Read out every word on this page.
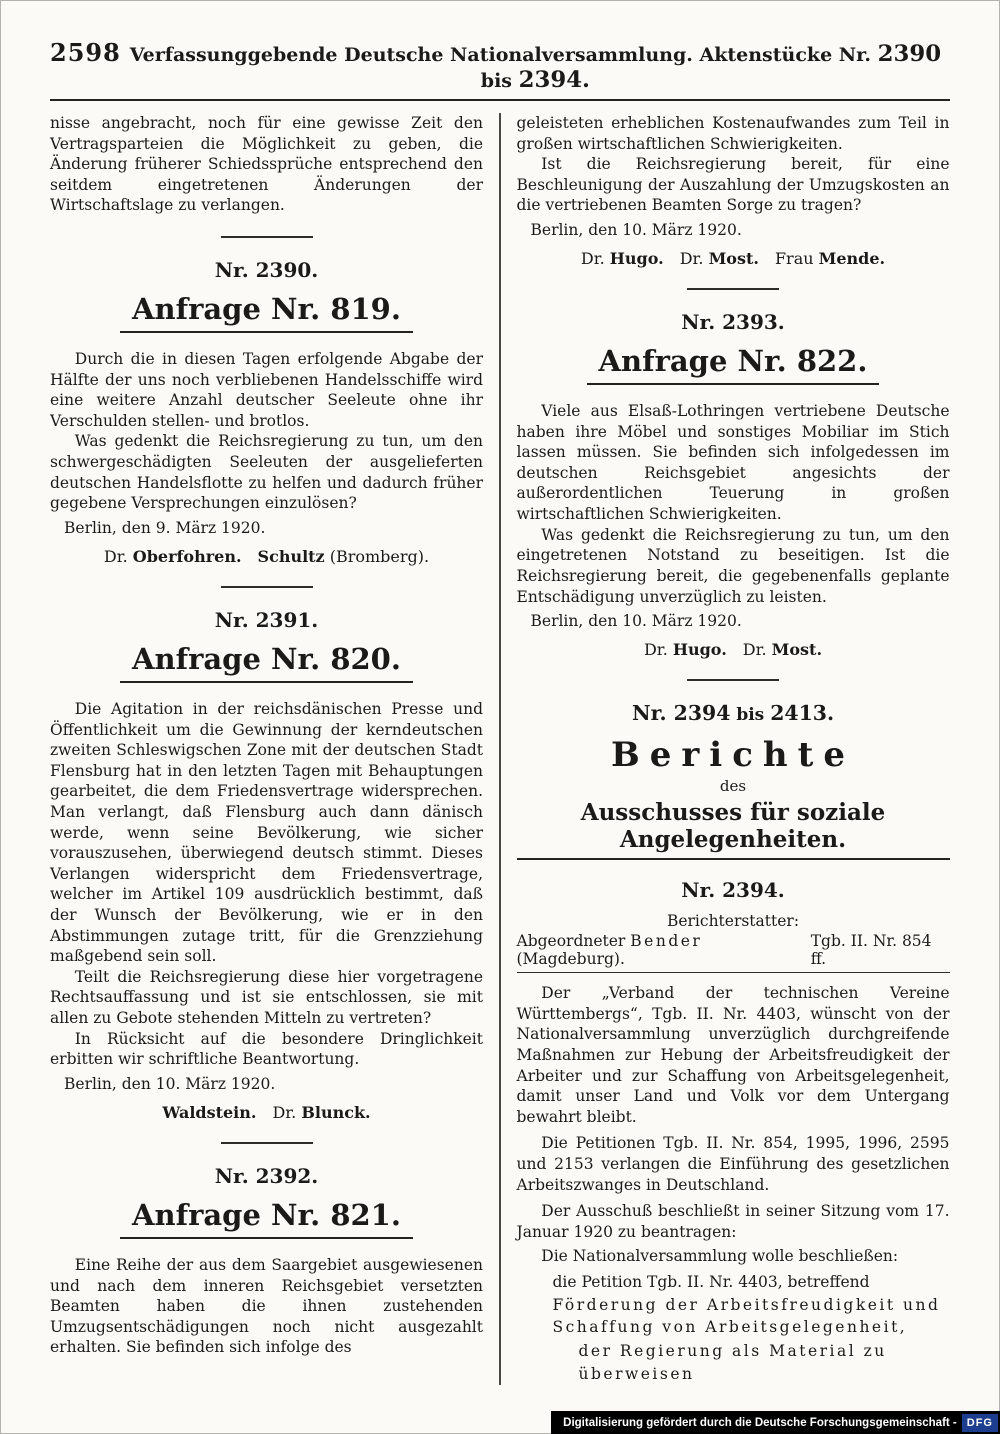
2598 Verfassunggebende Deutsche Nationalversammlung. Aktenstücke Nr. 2390 bis 2394.

nisse angebracht, noch für eine gewisse Zeit den Vertragsparteien die Möglichkeit zu geben, die Änderung früherer Schiedssprüche entsprechend den seitdem eingetretenen Änderungen der Wirtschaftslage zu verlangen.

Nr. 2390.
Anfrage Nr. 819.

Durch die in diesen Tagen erfolgende Abgabe der Hälfte der uns noch verbliebenen Handelsschiffe wird eine weitere Anzahl deutscher Seeleute ohne ihr Verschulden stellen- und brotlos.

Was gedenkt die Reichsregierung zu tun, um den schwergeschädigten Seeleuten der ausgelieferten deutschen Handelsflotte zu helfen und dadurch früher gegebene Versprechungen einzulösen?

Berlin, den 9. März 1920.

Dr. Oberfohren.  Schultz (Bromberg).

Nr. 2391.
Anfrage Nr. 820.

Die Agitation in der reichsdänischen Presse und Öffentlichkeit um die Gewinnung der kerndeutschen zweiten Schleswigschen Zone mit der deutschen Stadt Flensburg hat in den letzten Tagen mit Behauptungen gearbeitet, die dem Friedensvertrage widersprechen. Man verlangt, daß Flensburg auch dann dänisch werde, wenn seine Bevölkerung, wie sicher vorauszusehen, überwiegend deutsch stimmt. Dieses Verlangen widerspricht dem Friedensvertrage, welcher im Artikel 109 ausdrücklich bestimmt, daß der Wunsch der Bevölkerung, wie er in den Abstimmungen zutage tritt, für die Grenzziehung maßgebend sein soll.

Teilt die Reichsregierung diese hier vorgetragene Rechtsauffassung und ist sie entschlossen, sie mit allen zu Gebote stehenden Mitteln zu vertreten?

In Rücksicht auf die besondere Dringlichkeit erbitten wir schriftliche Beantwortung.

Berlin, den 10. März 1920.

Waldstein. Dr. Blunck.

Nr. 2392.
Anfrage Nr. 821.

Eine Reihe der aus dem Saargebiet ausgewiesenen und nach dem inneren Reichsgebiet versetzten Beamten haben die ihnen zustehenden Umzugsentschädigungen noch nicht ausgezahlt erhalten. Sie befinden sich infolge des

geleisteten erheblichen Kostenaufwandes zum Teil in großen wirtschaftlichen Schwierigkeiten.

Ist die Reichsregierung bereit, für eine Beschleunigung der Auszahlung der Umzugskosten an die vertriebenen Beamten Sorge zu tragen?

Berlin, den 10. März 1920.

Dr. Hugo. Dr. Most. Frau Mende.

Nr. 2393.
Anfrage Nr. 822.

Viele aus Elsaß-Lothringen vertriebene Deutsche haben ihre Möbel und sonstiges Mobiliar im Stich lassen müssen. Sie befinden sich infolgedessen im deutschen Reichsgebiet angesichts der außerordentlichen Teuerung in großen wirtschaftlichen Schwierigkeiten.

Was gedenkt die Reichsregierung zu tun, um den eingetretenen Notstand zu beseitigen. Ist die Reichsregierung bereit, die gegebenenfalls geplante Entschädigung unverzüglich zu leisten.

Berlin, den 10. März 1920.

Dr. Hugo. Dr. Most.

Nr. 2394 bis 2413.
Berichte
des
Ausschusses für soziale Angelegenheiten.
Nr. 2394.
Berichterstatter:
Abgeordneter Bender (Magdeburg).
Tgb. II. Nr. 854 ff.

Der „Verband der technischen Vereine Württembergs“, Tgb. II. Nr. 4403, wünscht von der Nationalversammlung unverzüglich durchgreifende Maßnahmen zur Hebung der Arbeitsfreudigkeit der Arbeiter und zur Schaffung von Arbeitsgelegenheit, damit unser Land und Volk vor dem Untergang bewahrt bleibt.

Die Petitionen Tgb. II. Nr. 854, 1995, 1996, 2595 und 2153 verlangen die Einführung des gesetzlichen Arbeitszwanges in Deutschland.

Der Ausschuß beschließt in seiner Sitzung vom 17. Januar 1920 zu beantragen:

Die Nationalversammlung wolle beschließen:

die Petition Tgb. II. Nr. 4403, betreffend Förderung der Arbeitsfreudigkeit und Schaffung von Arbeitsgelegenheit,

der Regierung als Material zu überweisen

Digitalisierung gefördert durch die Deutsche Forschungsgemeinschaft - DFG
